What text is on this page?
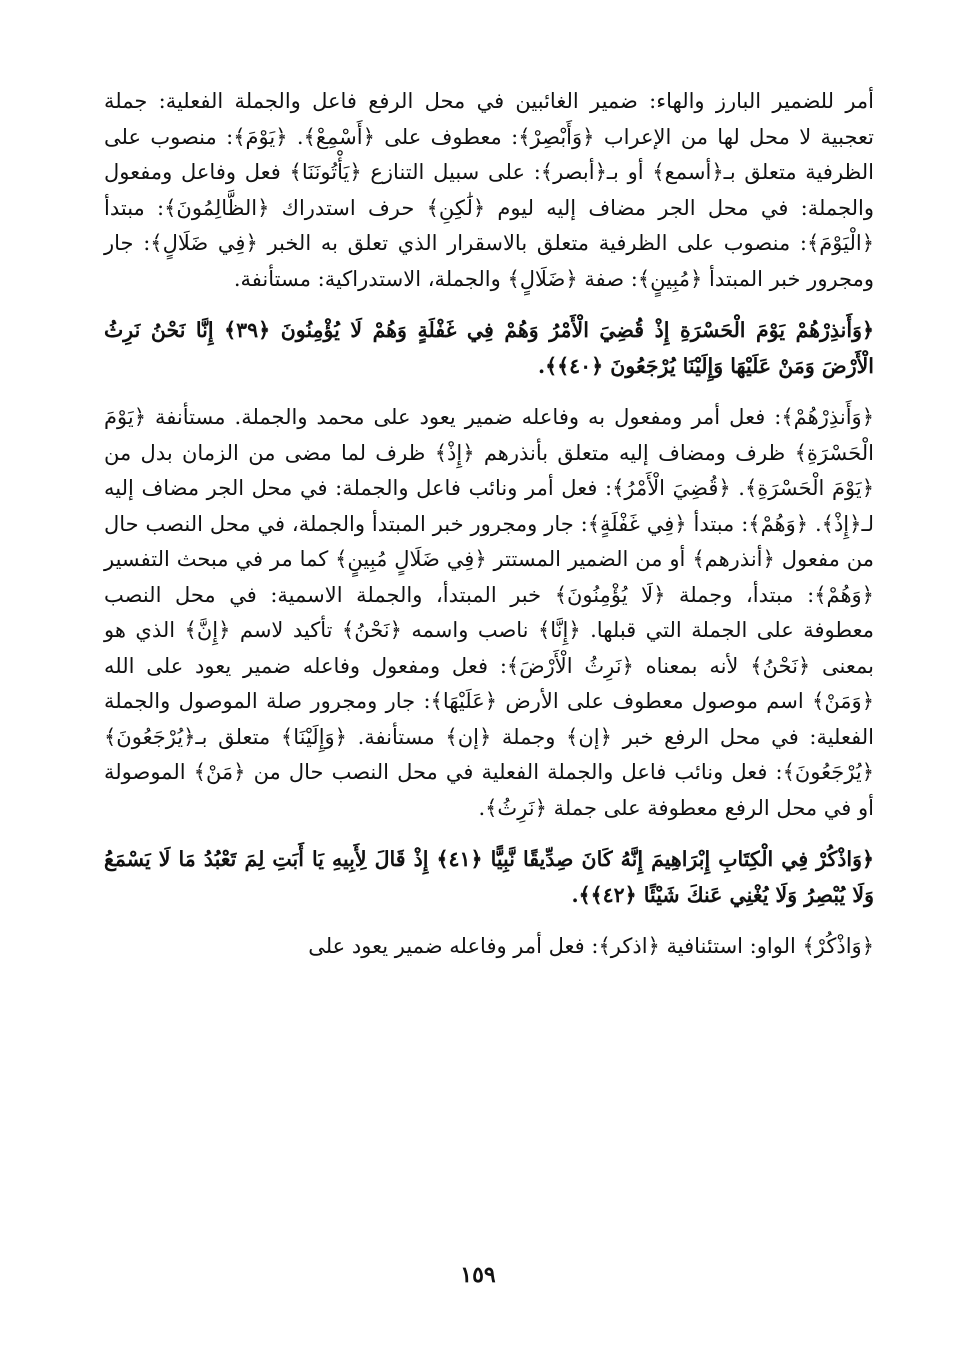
أمر للضمير البارز والهاء: ضمير الغائبين في محل الرفع فاعل والجملة الفعلية: جملة تعجبية لا محل لها من الإعراب ﴿وَأَبْصِرْ﴾: معطوف على ﴿أَسْمِعْ﴾. ﴿يَوْمَ﴾: منصوب على الظرفية متعلق بـ﴿أسمع﴾ أو بـ﴿أبصر﴾: على سبيل التنازع ﴿يَأْتُونَنَا﴾ فعل وفاعل ومفعول والجملة: في محل الجر مضاف إليه ليوم ﴿لَٰكِنِ﴾ حرف استدراك ﴿الظَّالِمُونَ﴾: مبتدأ ﴿الْيَوْمَ﴾: منصوب على الظرفية متعلق بالاسقرار الذي تعلق به الخبر ﴿فِي ضَلَالٍ﴾: جار ومجرور خبر المبتدأ ﴿مُبِينٍ﴾: صفة ﴿ضَلَالٍ﴾ والجملة، الاستدراكية: مستأنفة.

﴿وَأَنذِرْهُمْ يَوْمَ الْحَسْرَةِ إِذْ قُضِيَ الْأَمْرُ وَهُمْ فِي غَفْلَةٍ وَهُمْ لَا يُؤْمِنُونَ ﴿٣٩﴾ إِنَّا نَحْنُ نَرِثُ الْأَرْضَ وَمَنْ عَلَيْهَا وَإِلَيْنَا يُرْجَعُونَ ﴿٤٠﴾﴾.

﴿وَأَنذِرْهُمْ﴾: فعل أمر ومفعول به وفاعله ضمير يعود على محمد والجملة. مستأنفة ﴿يَوْمَ الْحَسْرَةِ﴾ ظرف ومضاف إليه متعلق بأنذرهم ﴿إِذْ﴾ ظرف لما مضى من الزمان بدل من ﴿يَوْمَ الْحَسْرَةِ﴾. ﴿قُضِيَ الْأَمْرُ﴾: فعل أمر ونائب فاعل والجملة: في محل الجر مضاف إليه لـ﴿إِذْ﴾. ﴿وَهُمْ﴾: مبتدأ ﴿فِي غَفْلَةٍ﴾: جار ومجرور خبر المبتدأ والجملة، في محل النصب حال من مفعول ﴿أنذرهم﴾ أو من الضمير المستتر ﴿فِي ضَلَالٍ مُبِينٍ﴾ كما مر في مبحث التفسير ﴿وَهُمْ﴾: مبتدأ، وجملة ﴿لَا يُؤْمِنُونَ﴾ خبر المبتدأ، والجملة الاسمية: في محل النصب معطوفة على الجملة التي قبلها. ﴿إِنَّا﴾ ناصب واسمه ﴿نَحْنُ﴾ تأكيد لاسم ﴿إِنَّ﴾ الذي هو بمعنى ﴿نَحْنُ﴾ لأنه بمعناه ﴿نَرِثُ الْأَرْضَ﴾: فعل ومفعول وفاعله ضمير يعود على الله ﴿وَمَنْ﴾ اسم موصول معطوف على الأرض ﴿عَلَيْهَا﴾: جار ومجرور صلة الموصول والجملة الفعلية: في محل الرفع خبر ﴿إن﴾ وجملة ﴿إن﴾ مستأنفة. ﴿وَإِلَيْنَا﴾ متعلق بـ﴿يُرْجَعُونَ﴾ ﴿يُرْجَعُونَ﴾: فعل ونائب فاعل والجملة الفعلية في محل النصب حال من ﴿مَنْ﴾ الموصولة أو في محل الرفع معطوفة على جملة ﴿نَرِثُ﴾.

﴿وَاذْكُرْ فِي الْكِتَابِ إِبْرَاهِيمَ إِنَّهُ كَانَ صِدِّيقًا نَّبِيًّا ﴿٤١﴾ إِذْ قَالَ لِأَبِيهِ يَا أَبَتِ لِمَ تَعْبُدُ مَا لَا يَسْمَعُ وَلَا يُبْصِرُ وَلَا يُغْنِي عَنكَ شَيْئًا ﴿٤٢﴾﴾.

﴿وَاذْكُرْ﴾ الواو: استئنافية ﴿اذكر﴾: فعل أمر وفاعله ضمير يعود على

١٥٩
